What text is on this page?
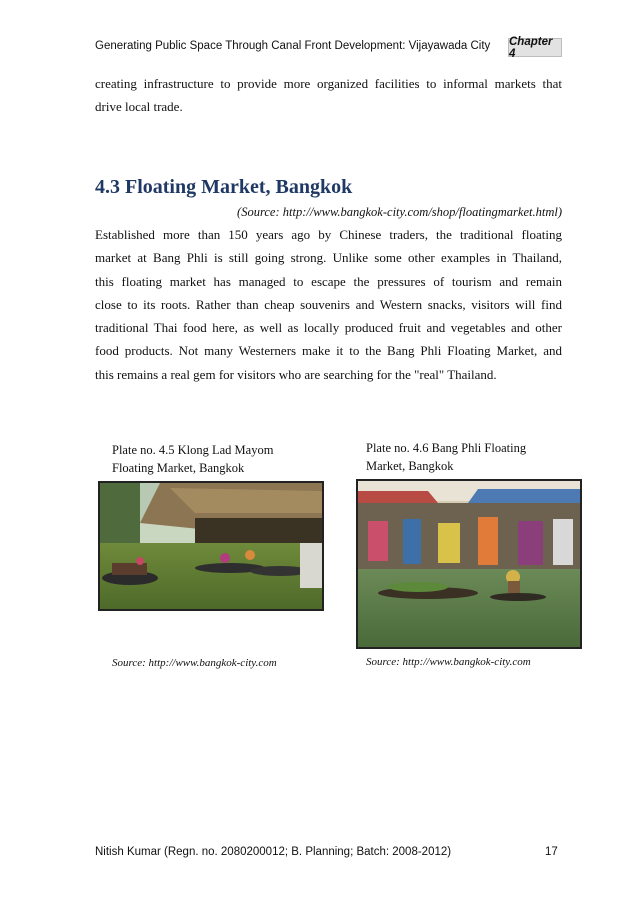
Generating Public Space Through Canal Front Development: Vijayawada City Chapter 4
creating infrastructure to provide more organized facilities to informal markets that
drive local trade.
4.3 Floating Market, Bangkok
(Source: http://www.bangkok-city.com/shop/floatingmarket.html)
Established more than 150 years ago by Chinese traders, the traditional floating
market at Bang Phli is still going strong. Unlike some other examples in Thailand,
this floating market has managed to escape the pressures of tourism and remain
close to its roots. Rather than cheap souvenirs and Western snacks, visitors will find
traditional Thai food here, as well as locally produced fruit and vegetables and other
food products. Not many Westerners make it to the Bang Phli Floating Market, and
this remains a real gem for visitors who are searching for the "real" Thailand.
Plate no. 4.5 Klong Lad Mayom
Floating Market, Bangkok
Source: http://www.bangkok-city.com
Plate no. 4.6 Bang Phli Floating
Market, Bangkok
Source: http://www.bangkok-city.com
Nitish Kumar (Regn. no. 2080200012; B. Planning; Batch: 2008-2012)	17
